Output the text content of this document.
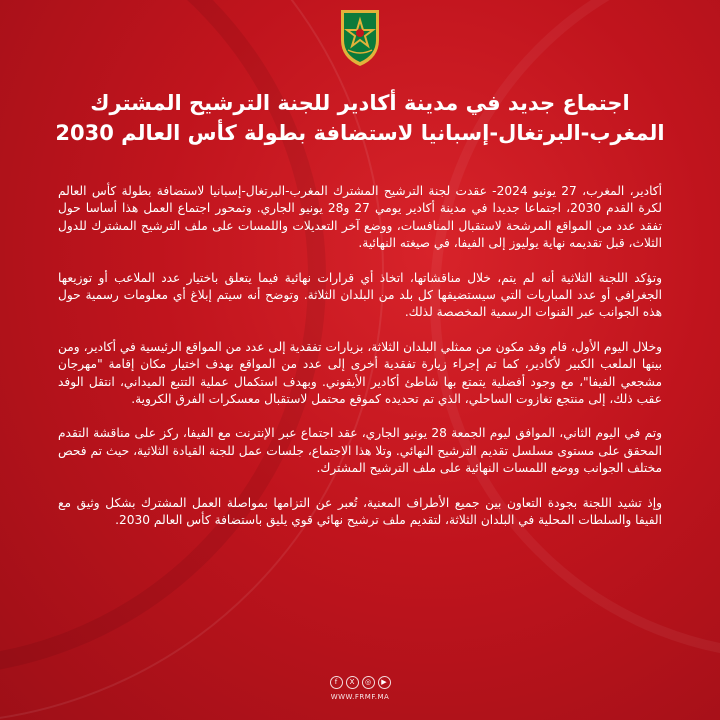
اجتماع جديد في مدينة أكادير للجنة الترشيح المشترك
المغرب-البرتغال-إسبانيا لاستضافة بطولة كأس العالم 2030

أكادير، المغرب، 27 يونيو 2024- عقدت لجنة الترشيح المشترك المغرب-البرتغال-إسبانيا لاستضافة بطولة كأس العالم لكرة القدم 2030، اجتماعا جديدا في مدينة أكادير يومي 27 و28 يونيو الجاري. وتمحور اجتماع العمل هذا أساسا حول تفقد عدد من المواقع المرشحة لاستقبال المنافسات، ووضع آخر التعديلات واللمسات على ملف الترشيح المشترك للدول الثلاث، قبل تقديمه نهاية يوليوز إلى الفيفا، في صيغته النهائية.

وتؤكد اللجنة الثلاثية أنه لم يتم، خلال مناقشاتها، اتخاذ أي قرارات نهائية فيما يتعلق باختيار عدد الملاعب أو توزيعها الجغرافي أو عدد المباريات التي سيستضيفها كل بلد من البلدان الثلاثة. وتوضح أنه سيتم إبلاغ أي معلومات رسمية حول هذه الجوانب عبر القنوات الرسمية المخصصة لذلك.

وخلال اليوم الأول، قام وفد مكون من ممثلي البلدان الثلاثة، بزيارات تفقدية إلى عدد من المواقع الرئيسية في أكادير، ومن بينها الملعب الكبير لأكادير، كما تم إجراء زيارة تفقدية أخرى إلى عدد من المواقع بهدف اختيار مكان إقامة "مهرجان مشجعي الفيفا"، مع وجود أفضلية يتمتع بها شاطئ أكادير الأيقوني. وبهدف استكمال عملية التتبع الميداني، انتقل الوفد عقب ذلك، إلى منتجع تغازوت الساحلي، الذي تم تحديده كموقع محتمل لاستقبال معسكرات الفرق الكروية.

وتم في اليوم الثاني، الموافق ليوم الجمعة 28 يونيو الجاري، عقد اجتماع عبر الإنترنت مع الفيفا، ركز على مناقشة التقدم المحقق على مستوى مسلسل تقديم الترشيح النهائي. وتلا هذا الاجتماع، جلسات عمل للجنة القيادة الثلاثية، حيث تم فحص مختلف الجوانب ووضع اللمسات النهائية على ملف الترشيح المشترك.

وإذ تشيد اللجنة بجودة التعاون بين جميع الأطراف المعنية، تُعبر عن التزامها بمواصلة العمل المشترك بشكل وثيق مع الفيفا والسلطات المحلية في البلدان الثلاثة، لتقديم ملف ترشيح نهائي قوي يليق باستضافة كأس العالم 2030.

f	X	◎	▶
WWW.FRMF.MA
